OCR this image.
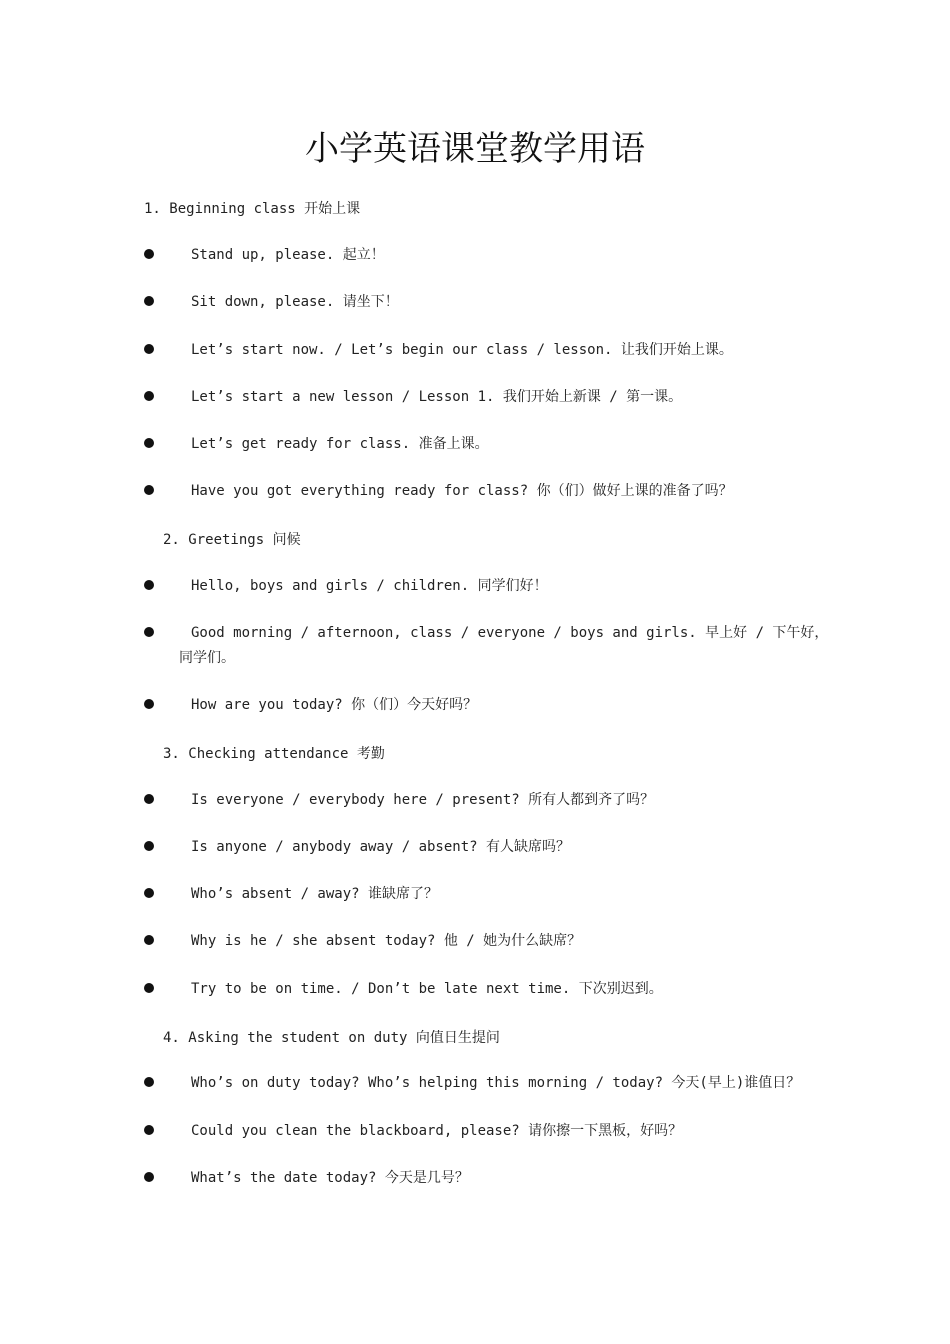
小学英语课堂教学用语
1. Beginning class 开始上课
Stand up, please. 起立！
Sit down, please. 请坐下！
Let’s start now. / Let’s begin our class / lesson. 让我们开始上课。
Let’s start a new lesson / Lesson 1. 我们开始上新课 / 第一课。
Let’s get ready for class. 准备上课。
Have you got everything ready for class? 你（们）做好上课的准备了吗？
2. Greetings 问候
Hello, boys and girls / children. 同学们好！
Good morning / afternoon, class / everyone / boys and girls. 早上好 / 下午好，
同学们。
How are you today? 你（们）今天好吗？
3. Checking attendance 考勤
Is everyone / everybody here / present? 所有人都到齐了吗？
Is anyone / anybody away / absent? 有人缺席吗？
Who’s absent / away? 谁缺席了？
Why is he / she absent today? 他 / 她为什么缺席？
Try to be on time. / Don’t be late next time. 下次别迟到。
4. Asking the student on duty 向值日生提问
Who’s on duty today? Who’s helping this morning / today? 今天(早上)谁值日？
Could you clean the blackboard, please? 请你擦一下黑板，好吗？
What’s the date today? 今天是几号？
